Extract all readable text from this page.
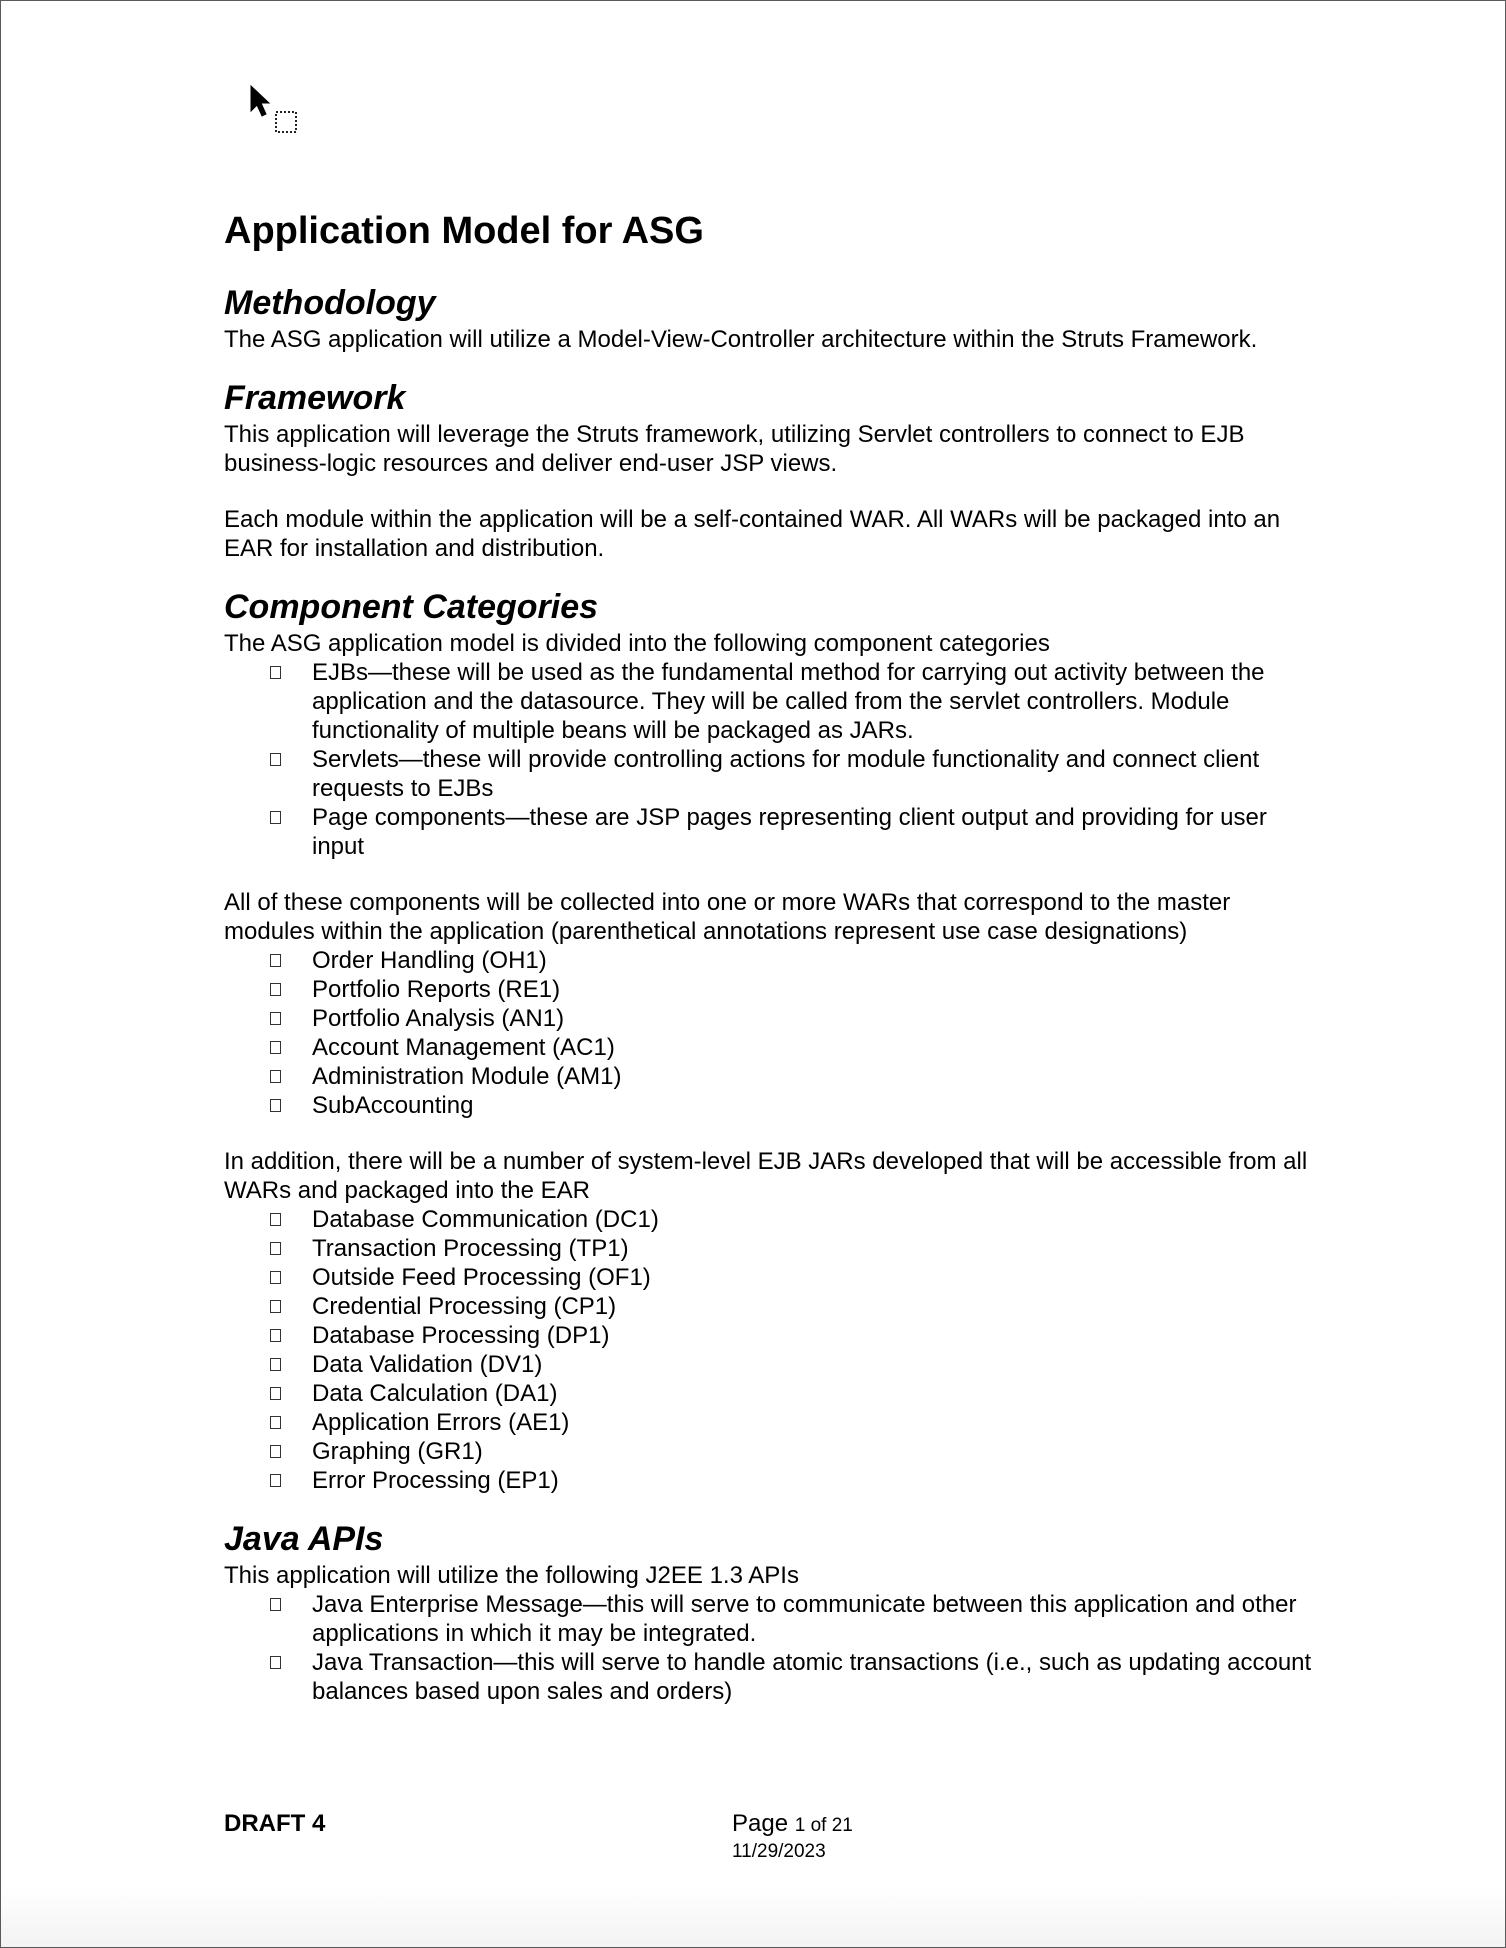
Application Model for ASG
Methodology

The ASG application will utilize a Model-View-Controller architecture within the Struts Framework.

Framework

This application will leverage the Struts framework, utilizing Servlet controllers to connect to EJB business-logic resources and deliver end-user JSP views.

Each module within the application will be a self-contained WAR. All WARs will be packaged into an EAR for installation and distribution.

Component Categories

The ASG application model is divided into the following component categories

EJBs—these will be used as the fundamental method for carrying out activity between the application and the datasource. They will be called from the servlet controllers. Module functionality of multiple beans will be packaged as JARs.
Servlets—these will provide controlling actions for module functionality and connect client requests to EJBs
Page components—these are JSP pages representing client output and providing for user input

All of these components will be collected into one or more WARs that correspond to the master modules within the application (parenthetical annotations represent use case designations)

Order Handling (OH1)
Portfolio Reports (RE1)
Portfolio Analysis (AN1)
Account Management (AC1)
Administration Module (AM1)
SubAccounting

In addition, there will be a number of system-level EJB JARs developed that will be accessible from all WARs and packaged into the EAR

Database Communication (DC1)
Transaction Processing (TP1)
Outside Feed Processing (OF1)
Credential Processing (CP1)
Database Processing (DP1)
Data Validation (DV1)
Data Calculation (DA1)
Application Errors (AE1)
Graphing (GR1)
Error Processing (EP1)
Java APIs

This application will utilize the following J2EE 1.3 APIs

Java Enterprise Message—this will serve to communicate between this application and other applications in which it may be integrated.
Java Transaction—this will serve to handle atomic transactions (i.e., such as updating account balances based upon sales and orders)
DRAFT 4	Page 1 of 21
11/29/2023
